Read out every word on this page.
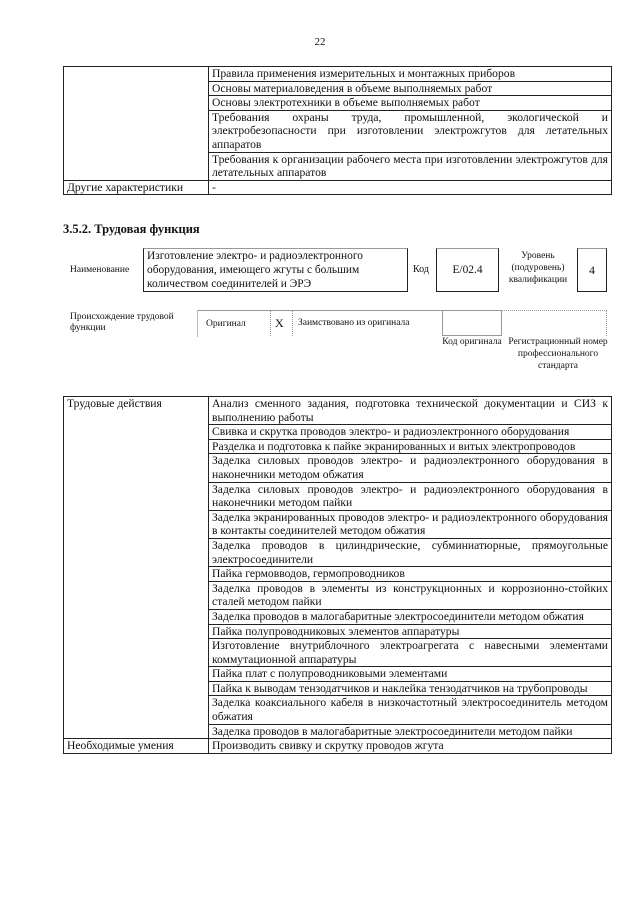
22
	Правила применения измерительных и монтажных приборов
	Основы материаловедения в объеме выполняемых работ
	Основы электротехники в объеме выполняемых работ
	Требования охраны труда, промышленной, экологической и электробезопасности при изготовлении электрожгутов для летательных аппаратов
	Требования к организации рабочего места при изготовлении электрожгутов для летательных аппаратов
Другие характеристики	-
3.5.2. Трудовая функция
Наименование
Изготовление электро- и радиоэлектронного оборудования, имеющего жгуты с большим количеством соединителей и ЭРЭ
Код	E/02.4
Уровень (подуровень) квалификации
4
Происхождение трудовой функции	Оригинал X Заимствовано из оригинала
Код оригинала Регистрационный номер профессионального стандарта
Трудовые действия	Анализ сменного задания, подготовка технической документации и СИЗ к выполнению работы
	Свивка и скрутка проводов электро- и радиоэлектронного оборудования
	Разделка и подготовка к пайке экранированных и витых электропроводов
	Заделка силовых проводов электро- и радиоэлектронного оборудования в наконечники методом обжатия
	Заделка силовых проводов электро- и радиоэлектронного оборудования в наконечники методом пайки
	Заделка экранированных проводов электро- и радиоэлектронного оборудования в контакты соединителей методом обжатия
	Заделка проводов в цилиндрические, субминиатюрные, прямоугольные электросоединители
	Пайка гермовводов, гермопроводников
	Заделка проводов в элементы из конструкционных и коррозионно-стойких сталей методом пайки
	Заделка проводов в малогабаритные электросоединители методом обжатия
	Пайка полупроводниковых элементов аппаратуры
	Изготовление внутриблочного электроагрегата с навесными элементами коммутационной аппаратуры
	Пайка плат с полупроводниковыми элементами
	Пайка к выводам тензодатчиков и наклейка тензодатчиков на трубопроводы
	Заделка коаксиального кабеля в низкочастотный электросоединитель методом обжатия
	Заделка проводов в малогабаритные электросоединители методом пайки
Необходимые умения	Производить свивку и скрутку проводов жгута
